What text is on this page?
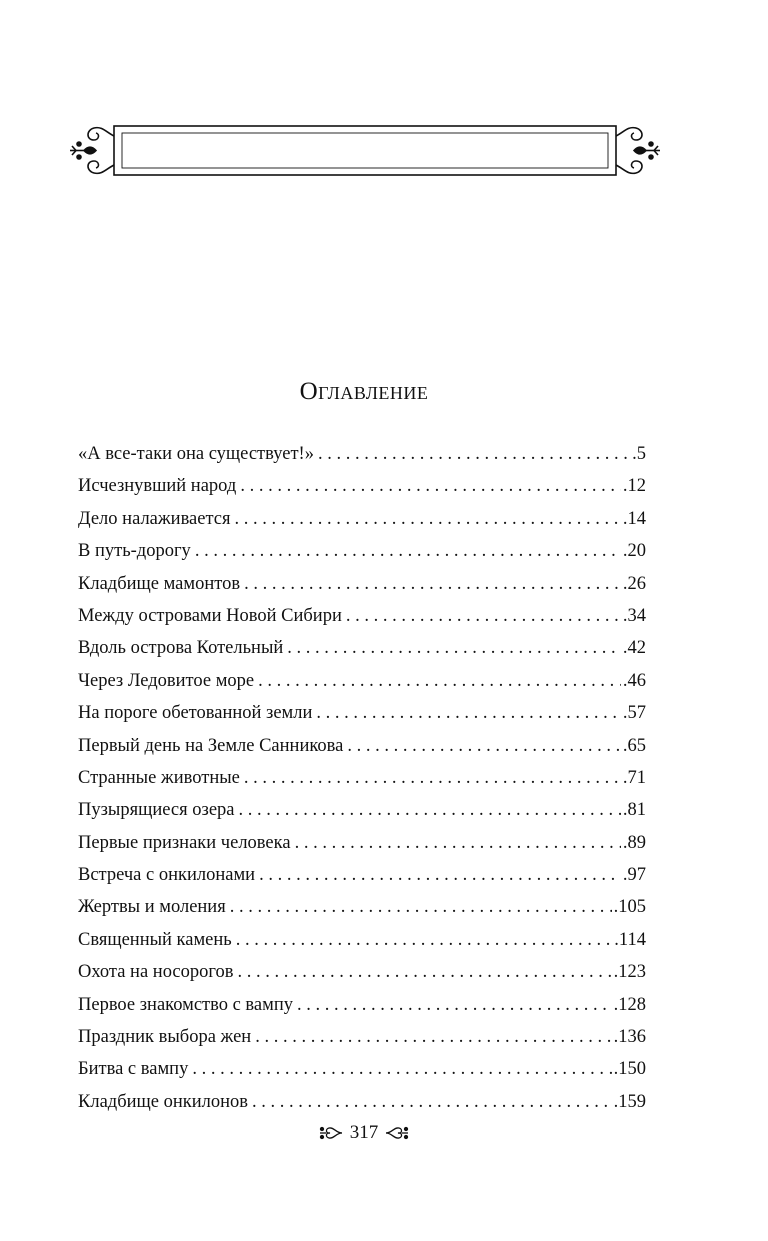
Оглавление
«А все-таки она существует!» . . .	.5
Исчезнувший народ . . .	.12
Дело налаживается . . .	.14
В путь-дорогу . . .	.20
Кладбище мамонтов . . .	.26
Между островами Новой Сибири . . .	.34
Вдоль острова Котельный . . .	.42
Через Ледовитое море . . .	.46
На пороге обетованной земли . . .	.57
Первый день на Земле Санникова . . .	.65
Странные животные . . .	.71
Пузырящиеся озера . . .	.81
Первые признаки человека . . .	.89
Встреча с онкилонами . . .	.97
Жертвы и моления . . .	.105
Священный камень . . .	.114
Охота на носорогов . . .	.123
Первое знакомство с вампу . . .	.128
Праздник выбора жен . . .	.136
Битва с вампу . . .	.150
Кладбище онкилонов . . .	.159
317
